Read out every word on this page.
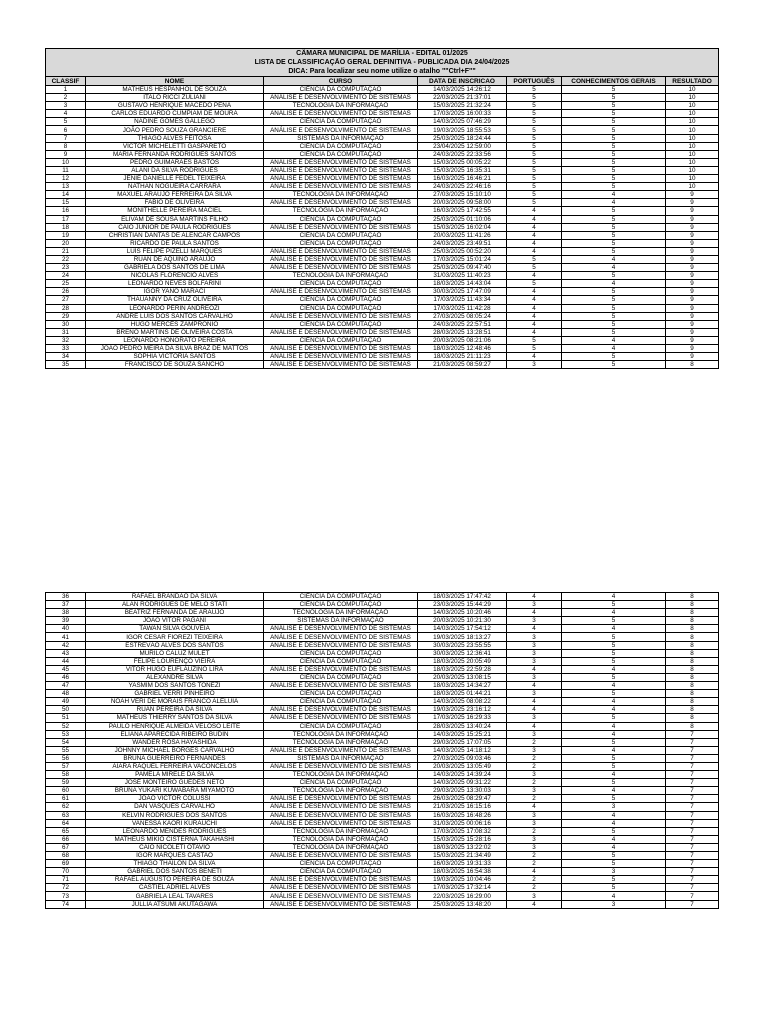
CÂMARA MUNICIPAL DE MARÍLIA - EDITAL 01/2025						
LISTA DE CLASSIFICAÇÃO GERAL DEFINITIVA - PUBLICADA DIA 24/04/2025						
DICA: Para localizar seu nome utilize o atalho ""Ctrl+F""						
CLASSIF	NOME	CURSO	DATA DE INSCRICAO	PORTUGUÊS	CONHECIMENTOS GERAIS	RESULTADO
1	MATHEUS HESPANHOL DE SOUZA	CIÊNCIA DA COMPUTAÇÃO	14/03/2025 14:26:12	5	5	10
2	ITALO RICCI ZULIANI	ANÁLISE E DESENVOLVIMENTO DE SISTEMAS	22/03/2025 21:37:01	5	5	10
3	GUSTAVO HENRIQUE MACEDO PENA	TECNOLOGIA DA INFORMAÇÃO	15/03/2025 21:32:24	5	5	10
4	CARLOS EDUARDO CUMPIAM DE MOURA	ANÁLISE E DESENVOLVIMENTO DE SISTEMAS	17/03/2025 16:00:33	5	5	10
5	NADINE GOMES GALLEGO	CIÊNCIA DA COMPUTAÇÃO	14/03/2025 07:46:29	5	5	10
6	JOÃO PEDRO SOUZA GRANCIERE	ANÁLISE E DESENVOLVIMENTO DE SISTEMAS	19/03/2025 18:55:53	5	5	10
7	THIAGO ALVES FEITOSA	SISTEMAS DA INFORMAÇÃO	25/03/2025 18:24:44	5	5	10
8	VICTOR MICHELETTI GASPARETO	CIÊNCIA DA COMPUTAÇÃO	23/04/2025 12:59:00	5	5	10
9	MARIA FERNANDA RODRIGUES SANTOS	CIÊNCIA DA COMPUTAÇÃO	24/03/2025 22:33:56	5	5	10
10	PEDRO GUIMARAES BASTOS	ANÁLISE E DESENVOLVIMENTO DE SISTEMAS	15/03/2025 00:05:22	5	5	10
11	ALANI DA SILVA RODRIGUES	ANÁLISE E DESENVOLVIMENTO DE SISTEMAS	15/03/2025 16:35:31	5	5	10
12	JÊNIE DANIELLE FEDEL TEIXEIRA	ANÁLISE E DESENVOLVIMENTO DE SISTEMAS	16/03/2025 16:46:21	5	5	10
13	NATHAN NOGUEIRA CARRARA	ANÁLISE E DESENVOLVIMENTO DE SISTEMAS	24/03/2025 22:46:16	5	5	10
14	MAXUEL ARAUJO FERREIRA DA SILVA	TECNOLOGIA DA INFORMAÇÃO	27/03/2025 15:10:10	5	4	9
15	FABIO DE OLIVEIRA	ANÁLISE E DESENVOLVIMENTO DE SISTEMAS	20/03/2025 09:58:00	5	4	9
16	MONITHELLE PEREIRA MACIEL	TECNOLOGIA DA INFORMAÇÃO	16/03/2025 17:42:55	4	5	9
17	ELIVAM DE SOUSA MARTINS FILHO	CIÊNCIA DA COMPUTAÇÃO	25/03/2025 01:10:06	4	5	9
18	CAIO JUNIOR DE PAULA RODRIGUES	ANÁLISE E DESENVOLVIMENTO DE SISTEMAS	15/03/2025 16:02:04	4	5	9
19	CHRISTIAN DANTAS DE ALENCAR CAMPOS	CIÊNCIA DA COMPUTAÇÃO	20/03/2025 11:41:26	4	5	9
20	RICARDO DE PAULA SANTOS	CIÊNCIA DA COMPUTAÇÃO	24/03/2025 23:49:51	4	5	9
21	LUÍS FELIPE PIZELLI MARQUES	ANÁLISE E DESENVOLVIMENTO DE SISTEMAS	25/03/2025 00:52:20	4	5	9
22	RUAN DE AQUINO ARAÚJO	ANÁLISE E DESENVOLVIMENTO DE SISTEMAS	17/03/2025 15:01:24	5	4	9
23	GABRIELA DOS SANTOS DE LIMA	ANÁLISE E DESENVOLVIMENTO DE SISTEMAS	25/03/2025 09:47:40	5	4	9
24	NICOLAS FLORENCIO ALVES	TECNOLOGIA DA INFORMAÇÃO	31/03/2025 11:40:23	4	5	9
25	LEONARDO NEVES BOLFARINI	CIÊNCIA DA COMPUTAÇÃO	18/03/2025 14:43:04	5	4	9
26	IGOR YANO MARACI	ANÁLISE E DESENVOLVIMENTO DE SISTEMAS	30/03/2025 17:47:09	4	5	9
27	THAUANNY DA CRUZ OLIVEIRA	CIÊNCIA DA COMPUTAÇÃO	17/03/2025 11:43:34	4	5	9
28	LEONARDO PERIN ANDREOZI	CIÊNCIA DA COMPUTAÇÃO	17/03/2025 11:42:28	4	5	9
29	ANDRÉ LUIS DOS SANTOS CARVALHO	ANÁLISE E DESENVOLVIMENTO DE SISTEMAS	27/03/2025 08:05:24	4	5	9
30	HUGO MERCÊS ZAMPRONIO	CIÊNCIA DA COMPUTAÇÃO	24/03/2025 22:57:51	4	5	9
31	BRENO MARTINS DE OLIVEIRA COSTA	ANÁLISE E DESENVOLVIMENTO DE SISTEMAS	28/03/2025 13:28:51	4	5	9
32	LEONARDO HONORATO PEREIRA	CIÊNCIA DA COMPUTAÇÃO	20/03/2025 08:21:06	5	4	9
33	JOÃO PEDRO MEIRA DA SILVA BRAZ DE MATTOS	ANÁLISE E DESENVOLVIMENTO DE SISTEMAS	18/03/2025 12:48:46	5	4	9
34	SOPHIA VICTÓRIA SANTOS	ANÁLISE E DESENVOLVIMENTO DE SISTEMAS	18/03/2025 21:11:23	4	5	9
35	FRANCISCO DE SOUZA SANCHO	ANÁLISE E DESENVOLVIMENTO DE SISTEMAS	21/03/2025 08:59:27	3	5	8
36	RAFAEL BRANDÃO DA SILVA	CIÊNCIA DA COMPUTAÇÃO	18/03/2025 17:47:42	4	4	8
37	ALAN RODRIGUES DE MELO STATI	CIÊNCIA DA COMPUTAÇÃO	23/03/2025 15:44:29	3	5	8
38	BEATRIZ FERNANDA DE ARAUJO	TECNOLOGIA DA INFORMAÇÃO	14/03/2025 10:20:46	4	4	8
39	JOÃO VITOR PAGANI	SISTEMAS DA INFORMAÇÃO	20/03/2025 10:21:30	3	5	8
40	TAWAN SILVA GOUVEIA	ANÁLISE E DESENVOLVIMENTO DE SISTEMAS	14/03/2025 17:54:12	4	4	8
41	IGOR CESAR FIOREZI TEIXEIRA	ANÁLISE E DESENVOLVIMENTO DE SISTEMAS	19/03/2025 18:13:27	3	5	8
42	ESTREVÃO ALVES DOS SANTOS	ANÁLISE E DESENVOLVIMENTO DE SISTEMAS	30/03/2025 23:55:55	3	5	8
43	MURILO CALUZ MULET	CIÊNCIA DA COMPUTAÇÃO	30/03/2025 12:36:41	3	5	8
44	FELIPE LOURENÇO VIEIRA	CIÊNCIA DA COMPUTAÇÃO	18/03/2025 20:05:49	3	5	8
45	VITOR HUGO EUFLAUZINO LIRA	ANÁLISE E DESENVOLVIMENTO DE SISTEMAS	18/03/2025 22:59:28	4	4	8
46	ALEXANDRE SILVA	CIÊNCIA DA COMPUTAÇÃO	20/03/2025 13:08:15	3	5	8
47	YASMIM DOS SANTOS TONEZI	ANÁLISE E DESENVOLVIMENTO DE SISTEMAS	18/03/2025 14:34:27	4	4	8
48	GABRIEL VERRI PINHEIRO	CIÊNCIA DA COMPUTAÇÃO	18/03/2025 01:44:21	3	5	8
49	NOAH VERI DE MORAIS FRANCO ALELUIA	CIÊNCIA DA COMPUTAÇÃO	14/03/2025 08:08:22	4	4	8
50	RUAN PEREIRA DA SILVA	ANÁLISE E DESENVOLVIMENTO DE SISTEMAS	19/03/2025 23:16:12	4	4	8
51	MATHEUS THIERRY SANTOS DA SILVA	ANÁLISE E DESENVOLVIMENTO DE SISTEMAS	17/03/2025 16:29:33	3	5	8
52	PAULO HENRIQUE ALMEIDA VELOSO LEITE	CIÊNCIA DA COMPUTAÇÃO	28/03/2025 13:40:24	4	4	8
53	ELIANA APARECIDA RIBEIRO BUDIN	TECNOLOGIA DA INFORMAÇÃO	14/03/2025 15:25:21	3	4	7
54	WANDER ROSA HAYASHIDA	TECNOLOGIA DA INFORMAÇÃO	29/03/2025 17:07:05	2	5	7
55	JOHNNY MICHAEL BORGES CARVALHO	ANÁLISE E DESENVOLVIMENTO DE SISTEMAS	14/03/2025 14:18:12	3	4	7
56	BRUNA GUERREIRO FERNANDES	SISTEMAS DA INFORMAÇÃO	27/03/2025 09:03:46	2	5	7
57	AIARA RAQUEL FERREIRA VACONCELOS	ANÁLISE E DESENVOLVIMENTO DE SISTEMAS	20/03/2025 13:05:49	2	5	7
58	PAMELA MIRELE DA SILVA	TECNOLOGIA DA INFORMAÇÃO	14/03/2025 14:39:24	3	4	7
59	JOSÉ MONTEIRO GUEDES NETO	CIÊNCIA DA COMPUTAÇÃO	14/03/2025 09:31:22	2	5	7
60	BRUNA YUKARI KUWABARA MIYAMOTO	TECNOLOGIA DA INFORMAÇÃO	29/03/2025 13:30:03	3	4	7
61	JOAO VICTOR COLUSSI	ANÁLISE E DESENVOLVIMENTO DE SISTEMAS	26/03/2025 08:29:47	2	5	7
62	DAN VASQUES CARVALHO	ANÁLISE E DESENVOLVIMENTO DE SISTEMAS	21/03/2025 16:15:16	4	3	7
63	KELVIN RODRIGUES DOS SANTOS	ANÁLISE E DESENVOLVIMENTO DE SISTEMAS	16/03/2025 16:48:26	3	4	7
64	VANESSA KAORI KURAUCHI	ANÁLISE E DESENVOLVIMENTO DE SISTEMAS	31/03/2025 00:06:16	3	4	7
65	LEONARDO MENDES RODRIGUES	TECNOLOGIA DA INFORMAÇÃO	17/03/2025 17:08:32	2	5	7
66	MATHEUS MIKIO CISTERNA TAKAHASHI	TECNOLOGIA DA INFORMAÇÃO	15/03/2025 15:28:16	3	4	7
67	CAIO NICOLETI OTAVIO	TECNOLOGIA DA INFORMAÇÃO	18/03/2025 13:22:02	3	4	7
68	IGOR MARQUES CASTAO	ANÁLISE E DESENVOLVIMENTO DE SISTEMAS	15/03/2025 21:34:49	2	5	7
69	THIAGO THAILON DA SILVA	CIÊNCIA DA COMPUTAÇÃO	16/03/2025 19:31:33	2	5	7
70	GABRIEL DOS SANTOS BENETI	CIÊNCIA DA COMPUTAÇÃO	18/03/2025 16:54:38	4	3	7
71	RAFAEL AUGUSTO PEREIRA DE SOUZA	ANÁLISE E DESENVOLVIMENTO DE SISTEMAS	19/03/2025 10:04:46	2	5	7
72	CASTIEL ADRIEL ALVES	ANÁLISE E DESENVOLVIMENTO DE SISTEMAS	17/03/2025 17:32:14	2	5	7
73	GABRIELA LEAL TAVARES	ANÁLISE E DESENVOLVIMENTO DE SISTEMAS	22/03/2025 16:29:00	3	4	7
74	JULLIA ATSUMI AKUTAGAWA	ANÁLISE E DESENVOLVIMENTO DE SISTEMAS	25/03/2025 13:48:20	4	3	7
